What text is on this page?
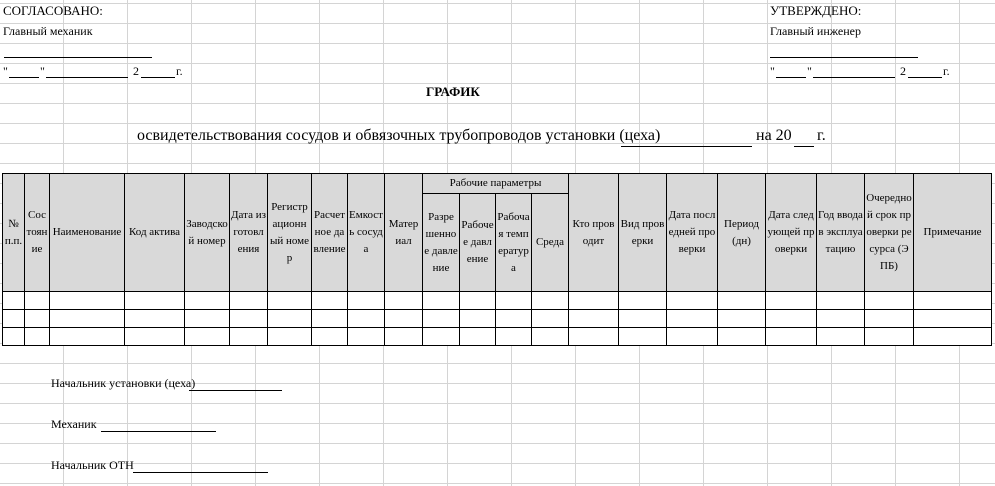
СОГЛАСОВАНО:
Главный механик
"	"	2	г.
УТВЕРЖДЕНО:
Главный инженер
"	"	2	г.
ГРАФИК
освидетельствования сосудов и обвязочных трубопроводов установки (цеха)	на 20 г.
№ п.п.	Состояние	Наименование	Код актива	Заводской номер	Дата изготовления	Регистрационный номер	Расчетное давление	Емкость сосуда	Материал	Рабочие параметры				Кто проводит	Вид проверки	Дата последней проверки	Период (дн)	Дата следующей проверки	Год ввода в эксплуатацию	Очередной срок проверки ресурса (ЭПБ)	Примечание
										Разрешенное давление	Рабочее давление	Рабочая температура	Среда								

Начальник установки (цеха)
Механик
Начальник ОТН
